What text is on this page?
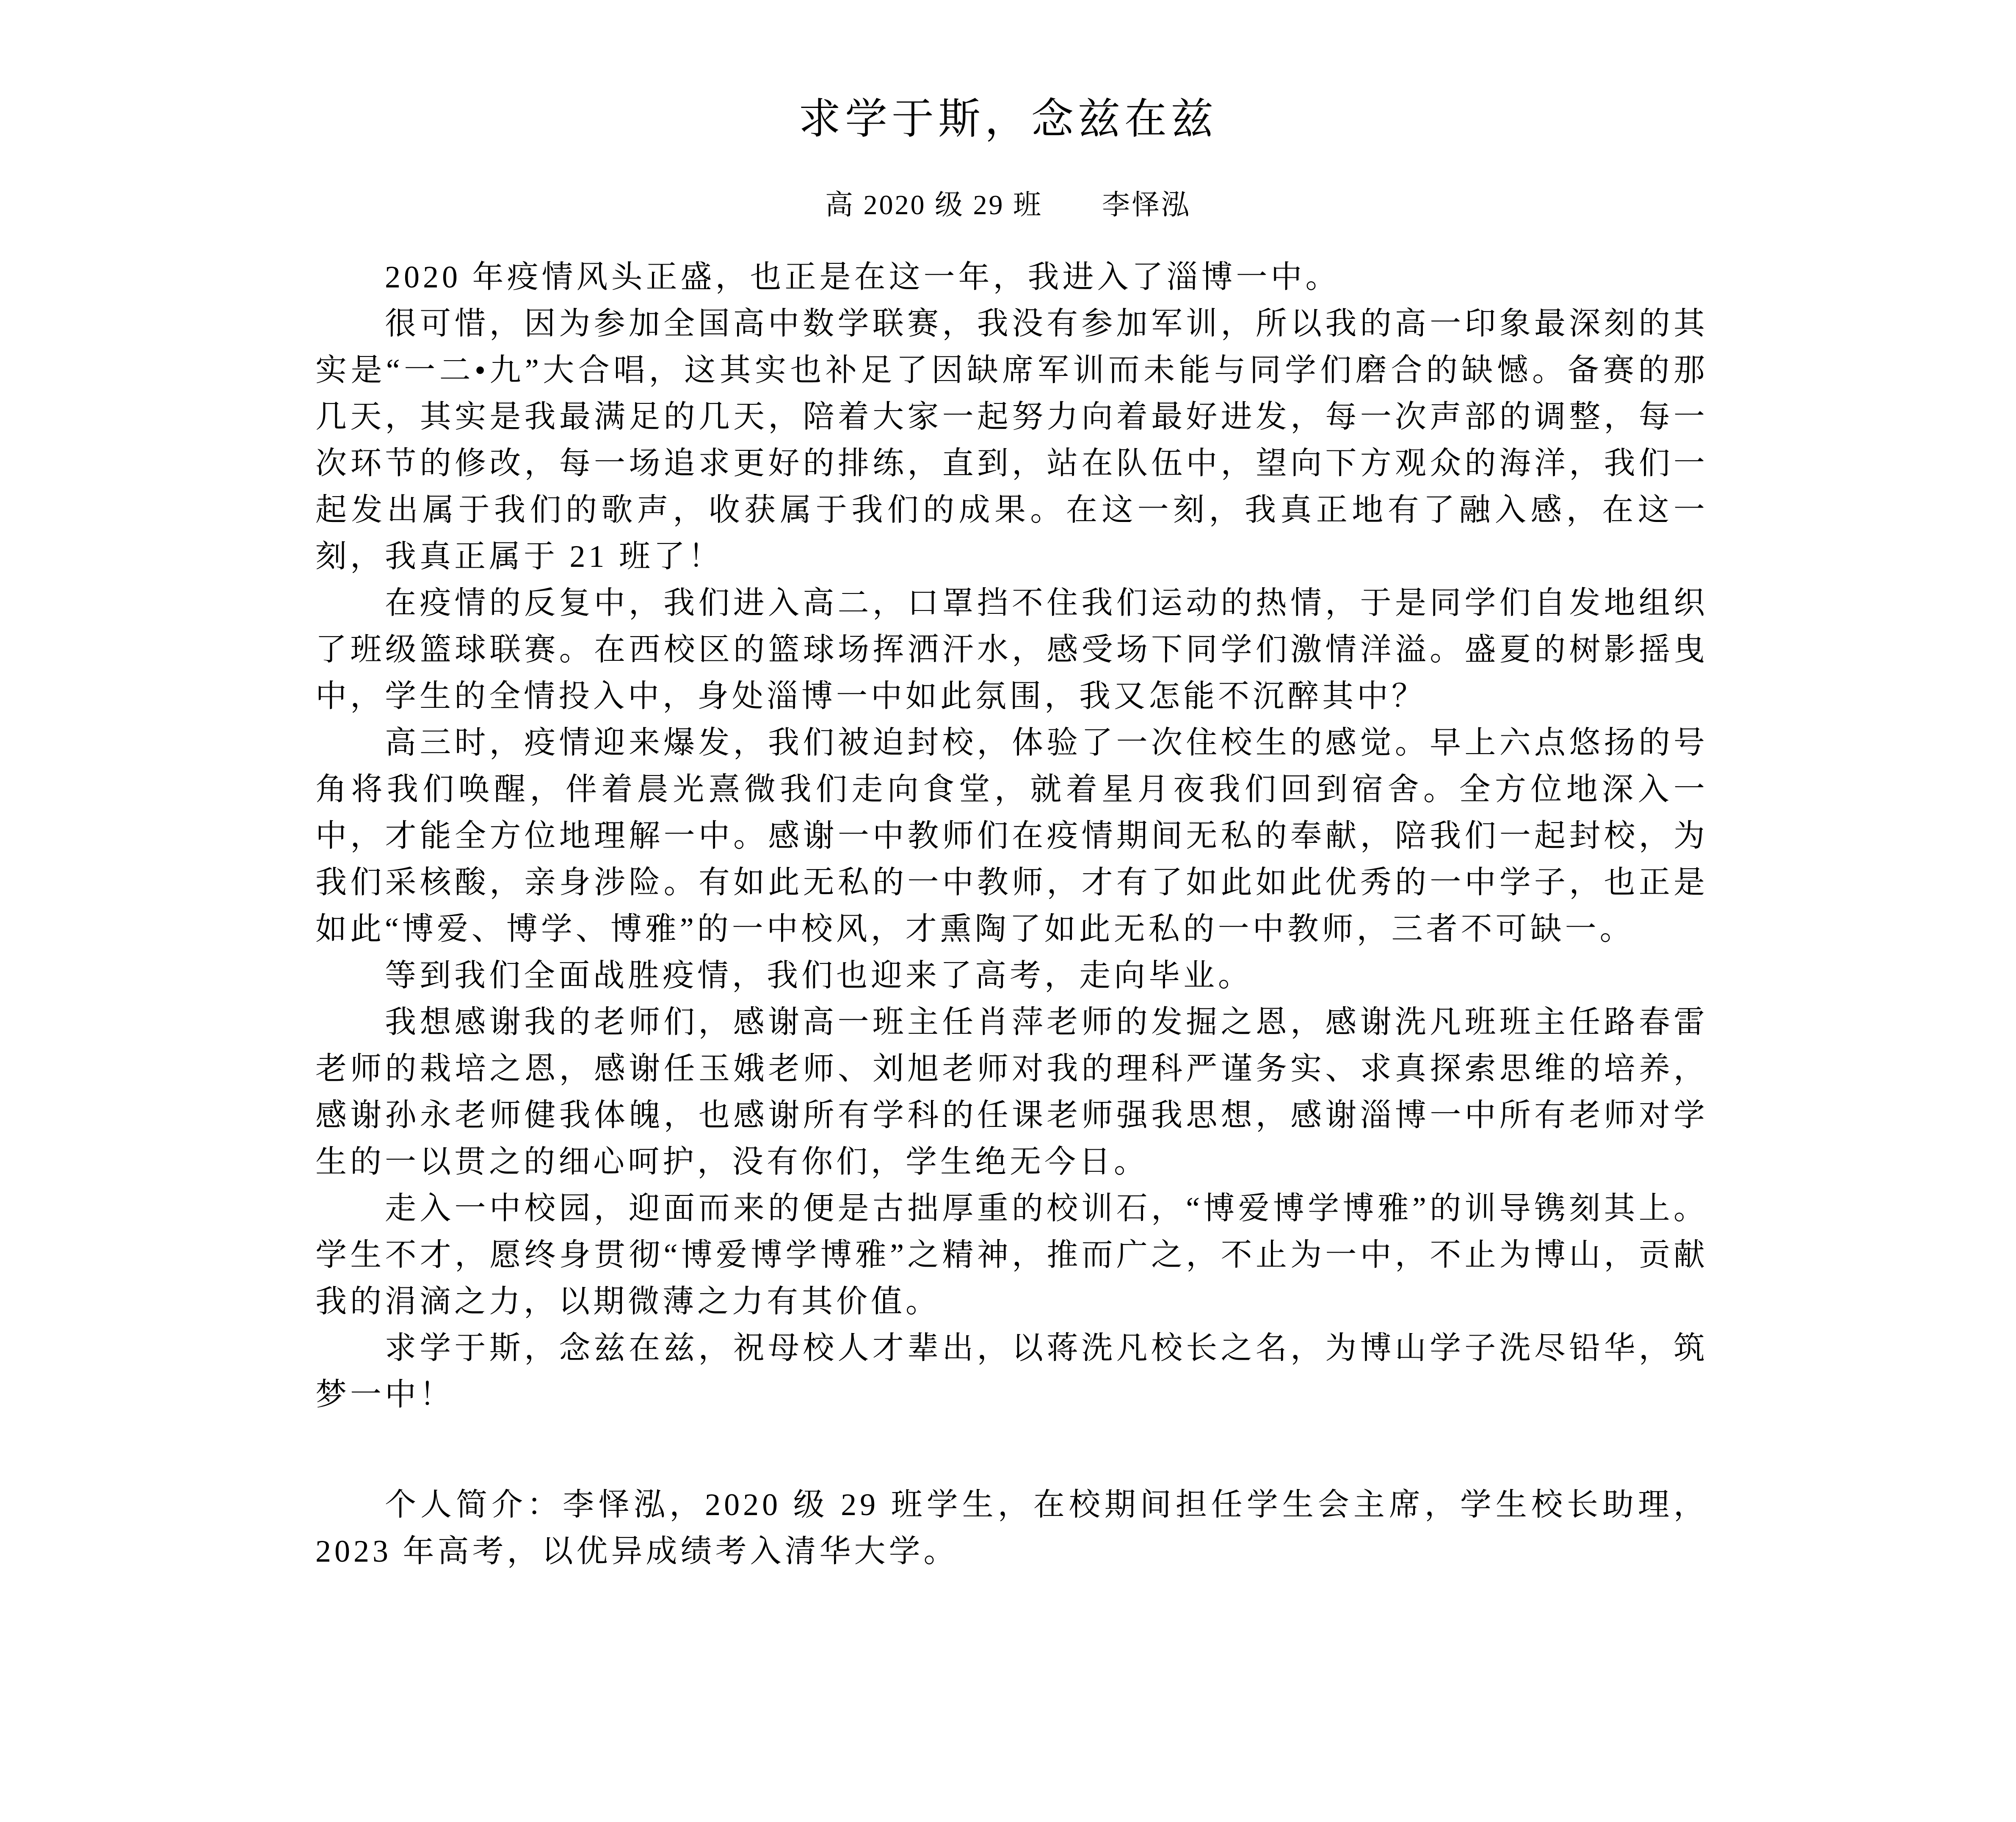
求学于斯，念兹在兹
高 2020 级 29 班　　李怿泓

2020 年疫情风头正盛，也正是在这一年，我进入了淄博一中。

很可惜，因为参加全国高中数学联赛，我没有参加军训，所以我的高一印象最深刻的其实是“一二•九”大合唱，这其实也补足了因缺席军训而未能与同学们磨合的缺憾。备赛的那几天，其实是我最满足的几天，陪着大家一起努力向着最好进发，每一次声部的调整，每一次环节的修改，每一场追求更好的排练，直到，站在队伍中，望向下方观众的海洋，我们一起发出属于我们的歌声，收获属于我们的成果。在这一刻，我真正地有了融入感，在这一刻，我真正属于 21 班了！

在疫情的反复中，我们进入高二，口罩挡不住我们运动的热情，于是同学们自发地组织了班级篮球联赛。在西校区的篮球场挥洒汗水，感受场下同学们激情洋溢。盛夏的树影摇曳中，学生的全情投入中，身处淄博一中如此氛围，我又怎能不沉醉其中？

高三时，疫情迎来爆发，我们被迫封校，体验了一次住校生的感觉。早上六点悠扬的号角将我们唤醒，伴着晨光熹微我们走向食堂，就着星月夜我们回到宿舍。全方位地深入一中，才能全方位地理解一中。感谢一中教师们在疫情期间无私的奉献，陪我们一起封校，为我们采核酸，亲身涉险。有如此无私的一中教师，才有了如此如此优秀的一中学子，也正是如此“博爱、博学、博雅”的一中校风，才熏陶了如此无私的一中教师，三者不可缺一。

等到我们全面战胜疫情，我们也迎来了高考，走向毕业。

我想感谢我的老师们，感谢高一班主任肖萍老师的发掘之恩，感谢洗凡班班主任路春雷老师的栽培之恩，感谢任玉娥老师、刘旭老师对我的理科严谨务实、求真探索思维的培养，感谢孙永老师健我体魄，也感谢所有学科的任课老师强我思想，感谢淄博一中所有老师对学生的一以贯之的细心呵护，没有你们，学生绝无今日。

走入一中校园，迎面而来的便是古拙厚重的校训石，“博爱博学博雅”的训导镌刻其上。学生不才，愿终身贯彻“博爱博学博雅”之精神，推而广之，不止为一中，不止为博山，贡献我的涓滴之力，以期微薄之力有其价值。

求学于斯，念兹在兹，祝母校人才辈出，以蒋洗凡校长之名，为博山学子洗尽铅华，筑梦一中！

个人简介：李怿泓，2020 级 29 班学生，在校期间担任学生会主席，学生校长助理，2023 年高考，以优异成绩考入清华大学。
